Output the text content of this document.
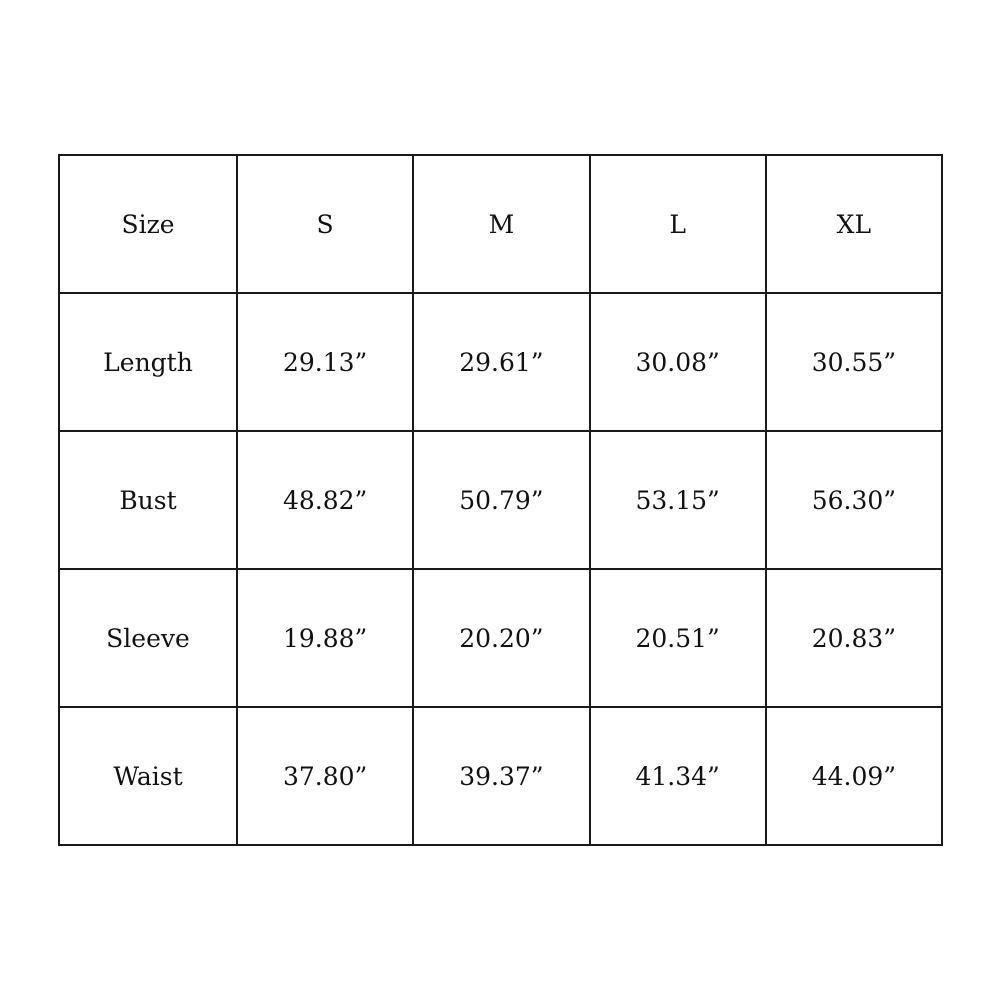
Size	S	M	L	XL
Length	29.13”	29.61”	30.08”	30.55”
Bust	48.82”	50.79”	53.15”	56.30”
Sleeve	19.88”	20.20”	20.51”	20.83”
Waist	37.80”	39.37”	41.34”	44.09”
